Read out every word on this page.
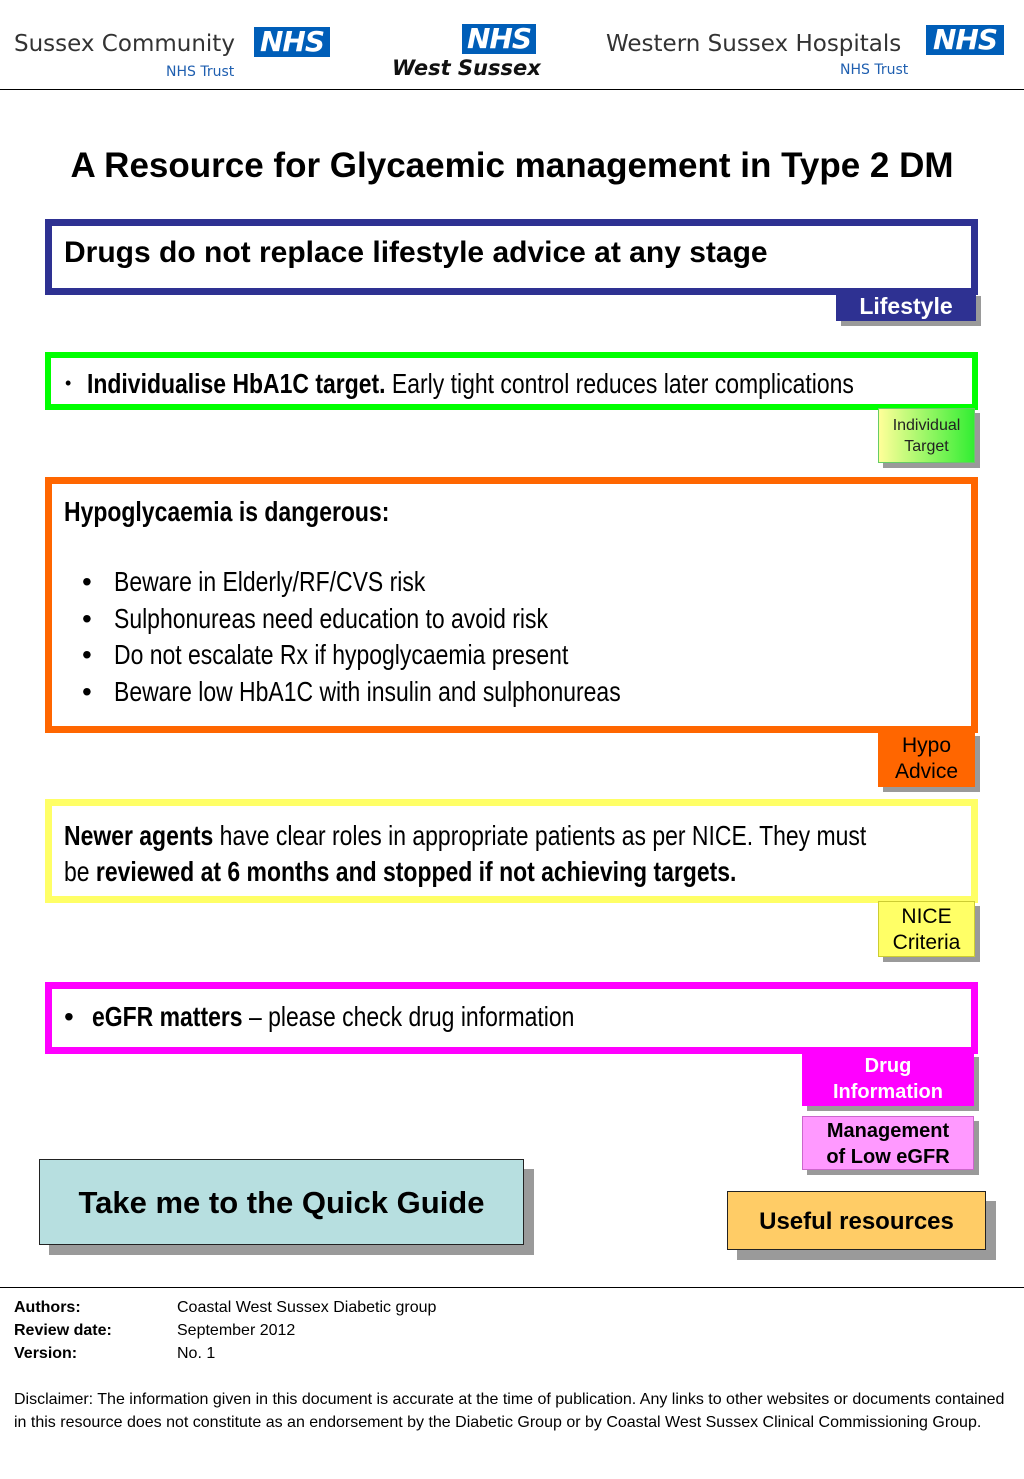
Sussex Community NHS
NHS Trust
NHS
West Sussex
Western Sussex Hospitals NHS
NHS Trust
A Resource for Glycaemic management in Type 2 DM
Drugs do not replace lifestyle advice at any stage
Lifestyle
• Individualise HbA1C target. Early tight control reduces later complications
Individual
Target
Hypoglycaemia is dangerous:
• Beware in Elderly/RF/CVS risk
• Sulphonureas need education to avoid risk
• Do not escalate Rx if hypoglycaemia present
• Beware low HbA1C with insulin and sulphonureas
Hypo
Advice
Newer agents have clear roles in appropriate patients as per NICE. They must
be reviewed at 6 months and stopped if not achieving targets.
NICE
Criteria
• eGFR matters – please check drug information
Drug
Information
Management
of Low eGFR
Take me to the Quick Guide
Useful resources
Authors:	Coastal West Sussex Diabetic group
Review date:	September 2012
Version:	No. 1
Disclaimer: The information given in this document is accurate at the time of publication. Any links to other websites or documents contained in this resource does not constitute as an endorsement by the Diabetic Group or by Coastal West Sussex Clinical Commissioning Group.
